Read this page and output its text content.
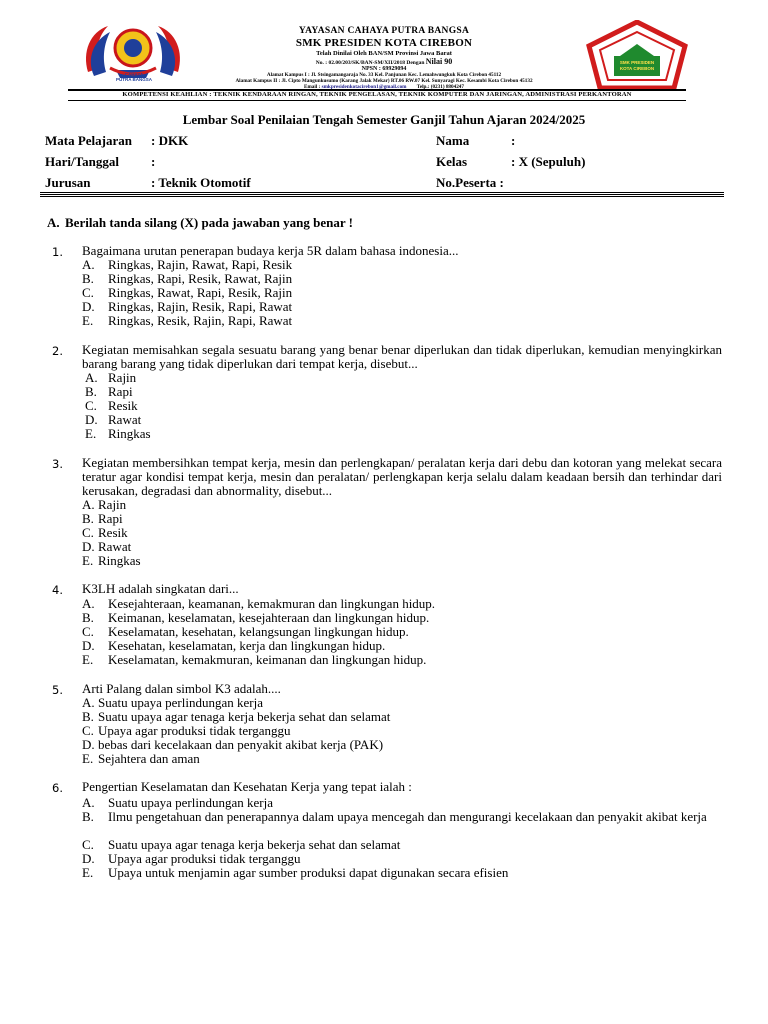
CAHAYA
PUTRA BANGSA
SMK PRESIDEN
KOTA CIREBON
YAYASAN CAHAYA PUTRA BANGSA
SMK PRESIDEN KOTA CIREBON
Telah Dinilai Oleh BAN/SM Provinsi Jawa Barat
No. : 02.00/203/SK/BAN-SM/XII/2018 Dengan Nilai 90
NPSN : 69929094
Alamat Kampus I : Jl. Stsingamangaraja No. 33 Kel. Panjunan Kec. Lemahwungkuk Kota Cirebon 45112
Alamat Kampus II : Jl. Cipto Mangunkusumo (Karang Jalak Mekar) RT.06 RW.07 Kel. Sunyaragi Kec. Kesambi Kota Cirebon 45132
Email : smkpresidenkotacirebon1@gmail.com Telp.: (0231) 8804247
KOMPETENSI KEAHLIAN : TEKNIK KENDARAAN RINGAN, TEKNIK PENGELASAN, TEKNIK KOMPUTER DAN JARINGAN, ADMINISTRASI PERKANTORAN
Lembar Soal Penilaian Tengah Semester Ganjil Tahun Ajaran 2024/2025
Mata Pelajaran : DKK
Hari/Tanggal :
Jurusan	: Teknik Otomotif
Nama	:
Kelas	: X (Sepuluh)
No.Peserta :
A. Berilah tanda silang (X) pada jawaban yang benar !
1. Bagaimana urutan penerapan budaya kerja 5R dalam bahasa indonesia...
A. Ringkas, Rajin, Rawat, Rapi, Resik
B. Ringkas, Rapi, Resik, Rawat, Rajin
C. Ringkas, Rawat, Rapi, Resik, Rajin
D. Ringkas, Rajin, Resik, Rapi, Rawat
E. Ringkas, Resik, Rajin, Rapi, Rawat
2. Kegiatan memisahkan segala sesuatu barang yang benar benar diperlukan dan tidak diperlukan, kemudian menyingkirkan barang barang yang tidak diperlukan dari tempat kerja, disebut...
A. Rajin
B. Rapi
C. Resik
D. Rawat
E. Ringkas
3. Kegiatan membersihkan tempat kerja, mesin dan perlengkapan/ peralatan kerja dari debu dan kotoran yang melekat secara teratur agar kondisi tempat kerja, mesin dan peralatan/ perlengkapan kerja selalu dalam keadaan bersih dan terhindar dari kerusakan, degradasi dan abnormality, disebut...
A. Rajin
B. Rapi
C. Resik
D. Rawat
E. Ringkas
4. K3LH adalah singkatan dari...
A. Kesejahteraan, keamanan, kemakmuran dan lingkungan hidup.
B. Keimanan, keselamatan, kesejahteraan dan lingkungan hidup.
C. Keselamatan, kesehatan, kelangsungan lingkungan hidup.
D. Kesehatan, keselamatan, kerja dan lingkungan hidup.
E. Keselamatan, kemakmuran, keimanan dan lingkungan hidup.
5. Arti Palang dalan simbol K3 adalah....
A. Suatu upaya perlindungan kerja
B. Suatu upaya agar tenaga kerja bekerja sehat dan selamat
C. Upaya agar produksi tidak terganggu
D. bebas dari kecelakaan dan penyakit akibat kerja (PAK)
E. Sejahtera dan aman
6. Pengertian Keselamatan dan Kesehatan Kerja yang tepat ialah :
A. Suatu upaya perlindungan kerja
B. Ilmu pengetahuan dan penerapannya dalam upaya mencegah dan mengurangi kecelakaan dan penyakit akibat kerja
C. Suatu upaya agar tenaga kerja bekerja sehat dan selamat
D. Upaya agar produksi tidak terganggu
E. Upaya untuk menjamin agar sumber produksi dapat digunakan secara efisien
